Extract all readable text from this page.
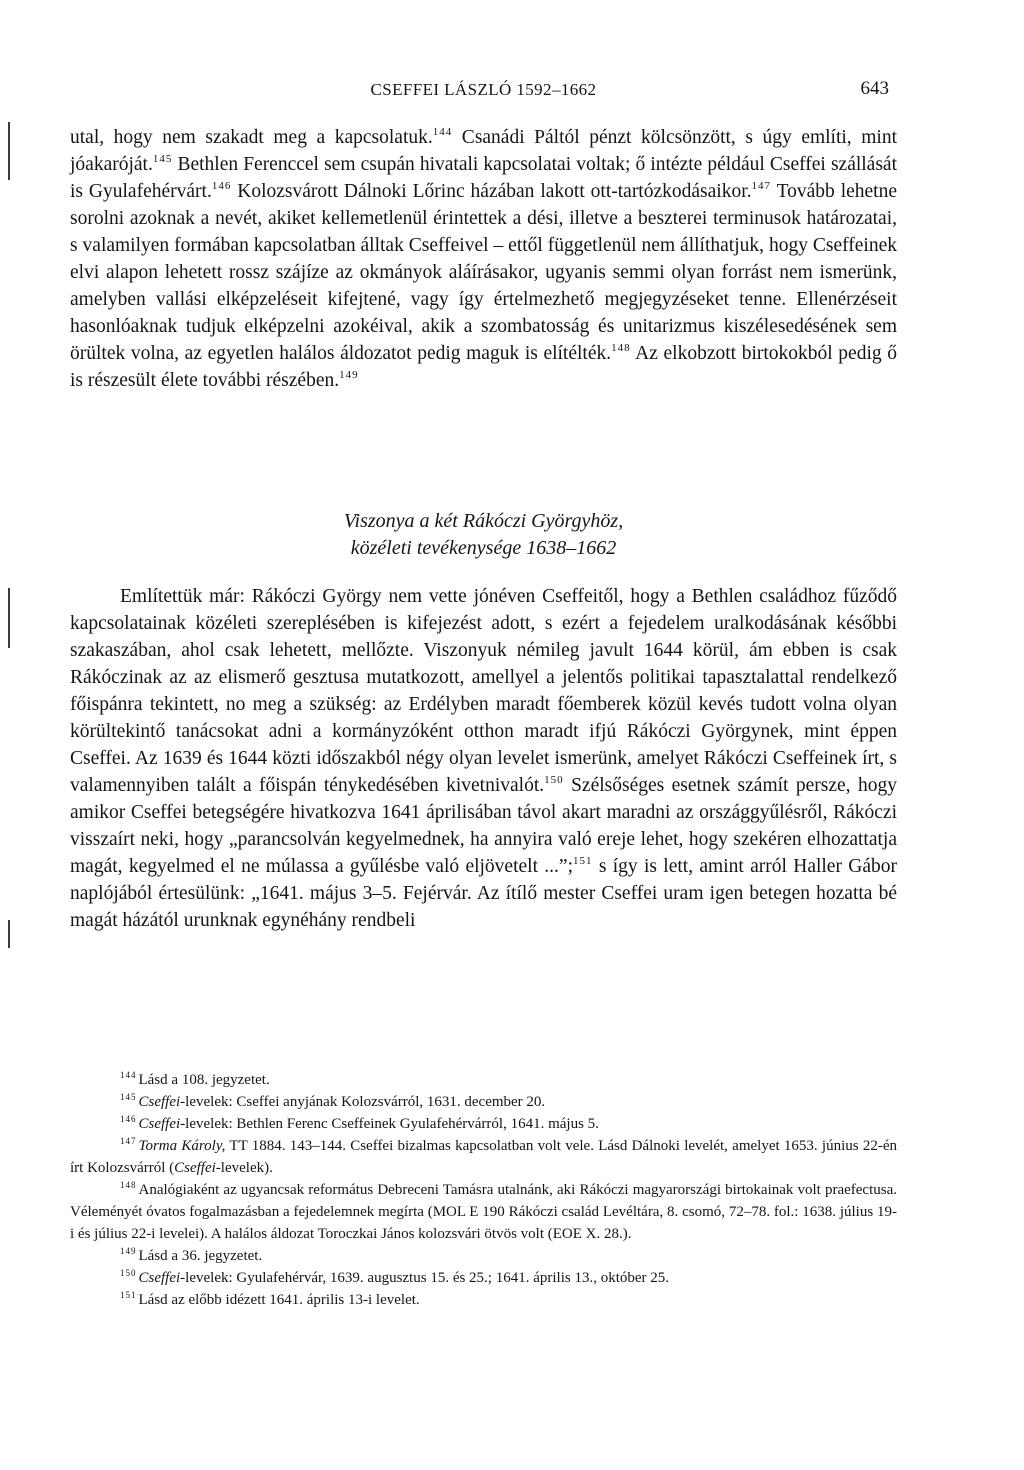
CSEFFEI LÁSZLÓ 1592–1662	643

utal, hogy nem szakadt meg a kapcsolatuk.$^{144}$ Csanádi Páltól pénzt kölcsönzött, s úgy említi, mint jóakaróját.$^{145}$ Bethlen Ferenccel sem csupán hivatali kapcsolatai voltak; ő intézte például Cseffei szállását is Gyulafehérvárt.$^{146}$ Kolozsvárott Dálnoki Lőrinc házában lakott ott-tartózkodásaikor.$^{147}$ Tovább lehetne sorolni azoknak a nevét, akiket kellemetlenül érintettek a dési, illetve a beszterei terminusok határozatai, s valamilyen formában kapcsolatban álltak Cseffeivel – ettől függetlenül nem állíthatjuk, hogy Cseffeinek elvi alapon lehetett rossz szájíze az okmányok aláírásakor, ugyanis semmi olyan forrást nem ismerünk, amelyben vallási elképzeléseit kifejtené, vagy így értelmezhető megjegyzéseket tenne. Ellenérzéseit hasonlóaknak tudjuk elképzelni azokéival, akik a szombatosság és unitarizmus kiszélesedésének sem örültek volna, az egyetlen halálos áldozatot pedig maguk is elítélték.$^{148}$ Az elkobzott birtokokból pedig ő is részesült élete további részében.$^{149}$

Viszonya a két Rákóczi Györgyhöz,
közéleti tevékenysége 1638–1662

Említettük már: Rákóczi György nem vette jónéven Cseffeitől, hogy a Bethlen családhoz fűződő kapcsolatainak közéleti szereplésében is kifejezést adott, s ezért a fejedelem uralkodásának későbbi szakaszában, ahol csak lehetett, mellőzte. Viszonyuk némileg javult 1644 körül, ám ebben is csak Rákóczinak az az elismerő gesztusa mutatkozott, amellyel a jelentős politikai tapasztalattal rendelkező főispánra tekintett, no meg a szükség: az Erdélyben maradt főemberek közül kevés tudott volna olyan körültekintő tanácsokat adni a kormányzóként otthon maradt ifjú Rákóczi Györgynek, mint éppen Cseffei. Az 1639 és 1644 közti időszakból négy olyan levelet ismerünk, amelyet Rákóczi Cseffeinek írt, s valamennyiben talált a főispán ténykedésében kivetnivalót.$^{150}$ Szélsőséges esetnek számít persze, hogy amikor Cseffei betegségére hivatkozva 1641 áprilisában távol akart maradni az országgyűlésről, Rákóczi visszaírt neki, hogy „parancsolván kegyelmednek, ha annyira való ereje lehet, hogy szekéren elhozattatja magát, kegyelmed el ne múlassa a gyűlésbe való eljövetelt ...”;$^{151}$ s így is lett, amint arról Haller Gábor naplójából értesülünk: „1641. május 3–5. Fejérvár. Az ítílő mester Cseffei uram igen betegen hozatta bé magát házától urunknak egynéhány rendbeli

$^{144}$ Lásd a 108. jegyzetet.

$^{145}$ Cseffei-levelek: Cseffei anyjának Kolozsvárról, 1631. december 20.

$^{146}$ Cseffei-levelek: Bethlen Ferenc Cseffeinek Gyulafehérvárról, 1641. május 5.

$^{147}$ Torma Károly, TT 1884. 143–144. Cseffei bizalmas kapcsolatban volt vele. Lásd Dálnoki levelét, amelyet 1653. június 22-én írt Kolozsvárról (Cseffei-levelek).

$^{148}$ Analógiaként az ugyancsak református Debreceni Tamásra utalnánk, aki Rákóczi magyarországi birtokainak volt praefectusa. Véleményét óvatos fogalmazásban a fejedelemnek megírta (MOL E 190 Rákóczi család Levéltára, 8. csomó, 72–78. fol.: 1638. július 19-i és július 22-i levelei). A halálos áldozat Toroczkai János kolozsvári ötvös volt (EOE X. 28.).

$^{149}$ Lásd a 36. jegyzetet.

$^{150}$ Cseffei-levelek: Gyulafehérvár, 1639. augusztus 15. és 25.; 1641. április 13., október 25.

$^{151}$ Lásd az előbb idézett 1641. április 13-i levelet.
